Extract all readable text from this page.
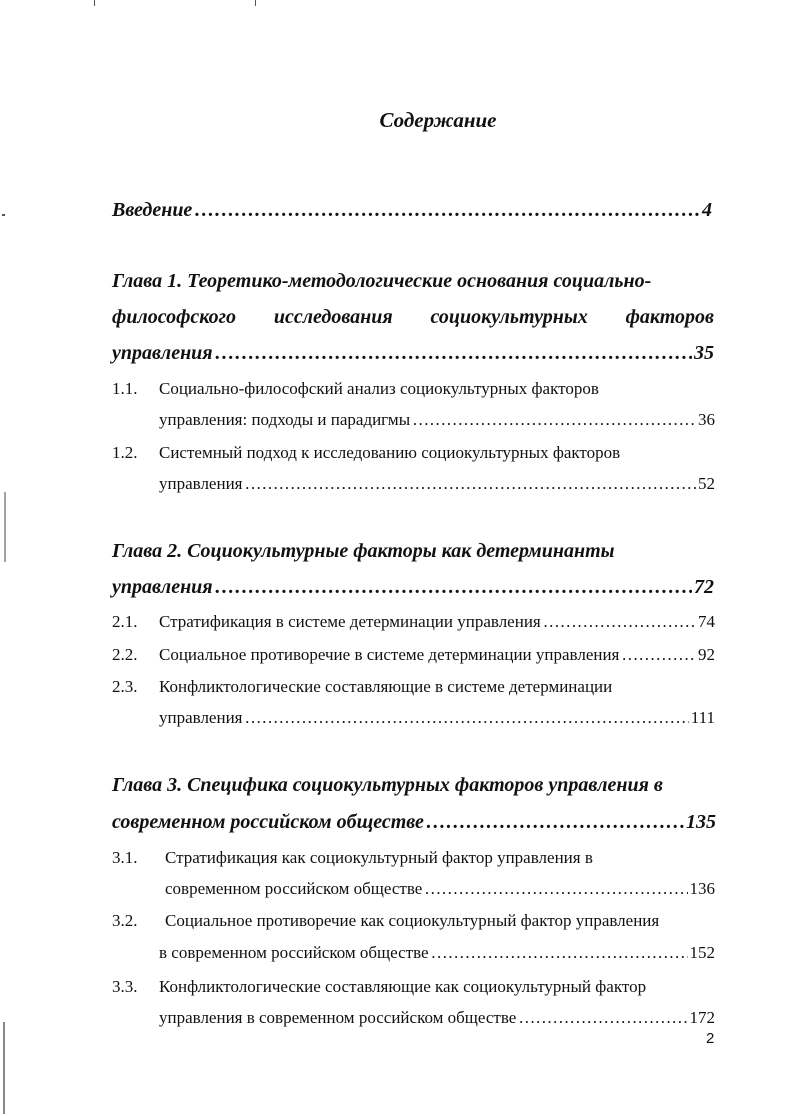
Содержание
Введение ………………………………………………………………………………………………………………………………………………………………	4
Глава 1. Теоретико-методологические основания социально-
философского исследования социокультурных факторов
управления ………………………………………………………………………………………………………………………………………………………………	35
1.1. Социально-философский анализ социокультурных факторов
управления: подходы и парадигмы ………………………………………………………………………………………………………………………………………………………………	36
1.2. Системный подход к исследованию социокультурных факторов
управления ………………………………………………………………………………………………………………………………………………………………	52
Глава 2. Социокультурные факторы как детерминанты
управления ………………………………………………………………………………………………………………………………………………………………	72
2.1. Стратификация в системе детерминации управления ………………………………………………………………………………………………………………………………………………………………	74
2.2. Социальное противоречие в системе детерминации управления ………………………………………………………………………………………………………………………………………………………………	92
2.3. Конфликтологические составляющие в системе детерминации
управления ………………………………………………………………………………………………………………………………………………………………	111
Глава 3. Специфика социокультурных факторов управления в
современном российском обществе ………………………………………………………………………………………………………………………………………………………………	135
3.1. Стратификация как социокультурный фактор управления в
современном российском обществе ………………………………………………………………………………………………………………………………………………………………	136
3.2. Социальное противоречие как социокультурный фактор управления
в современном российском обществе ………………………………………………………………………………………………………………………………………………………………	152
3.3. Конфликтологические составляющие как социокультурный фактор
управления в современном российском обществе ………………………………………………………………………………………………………………………………………………………………	172
2
